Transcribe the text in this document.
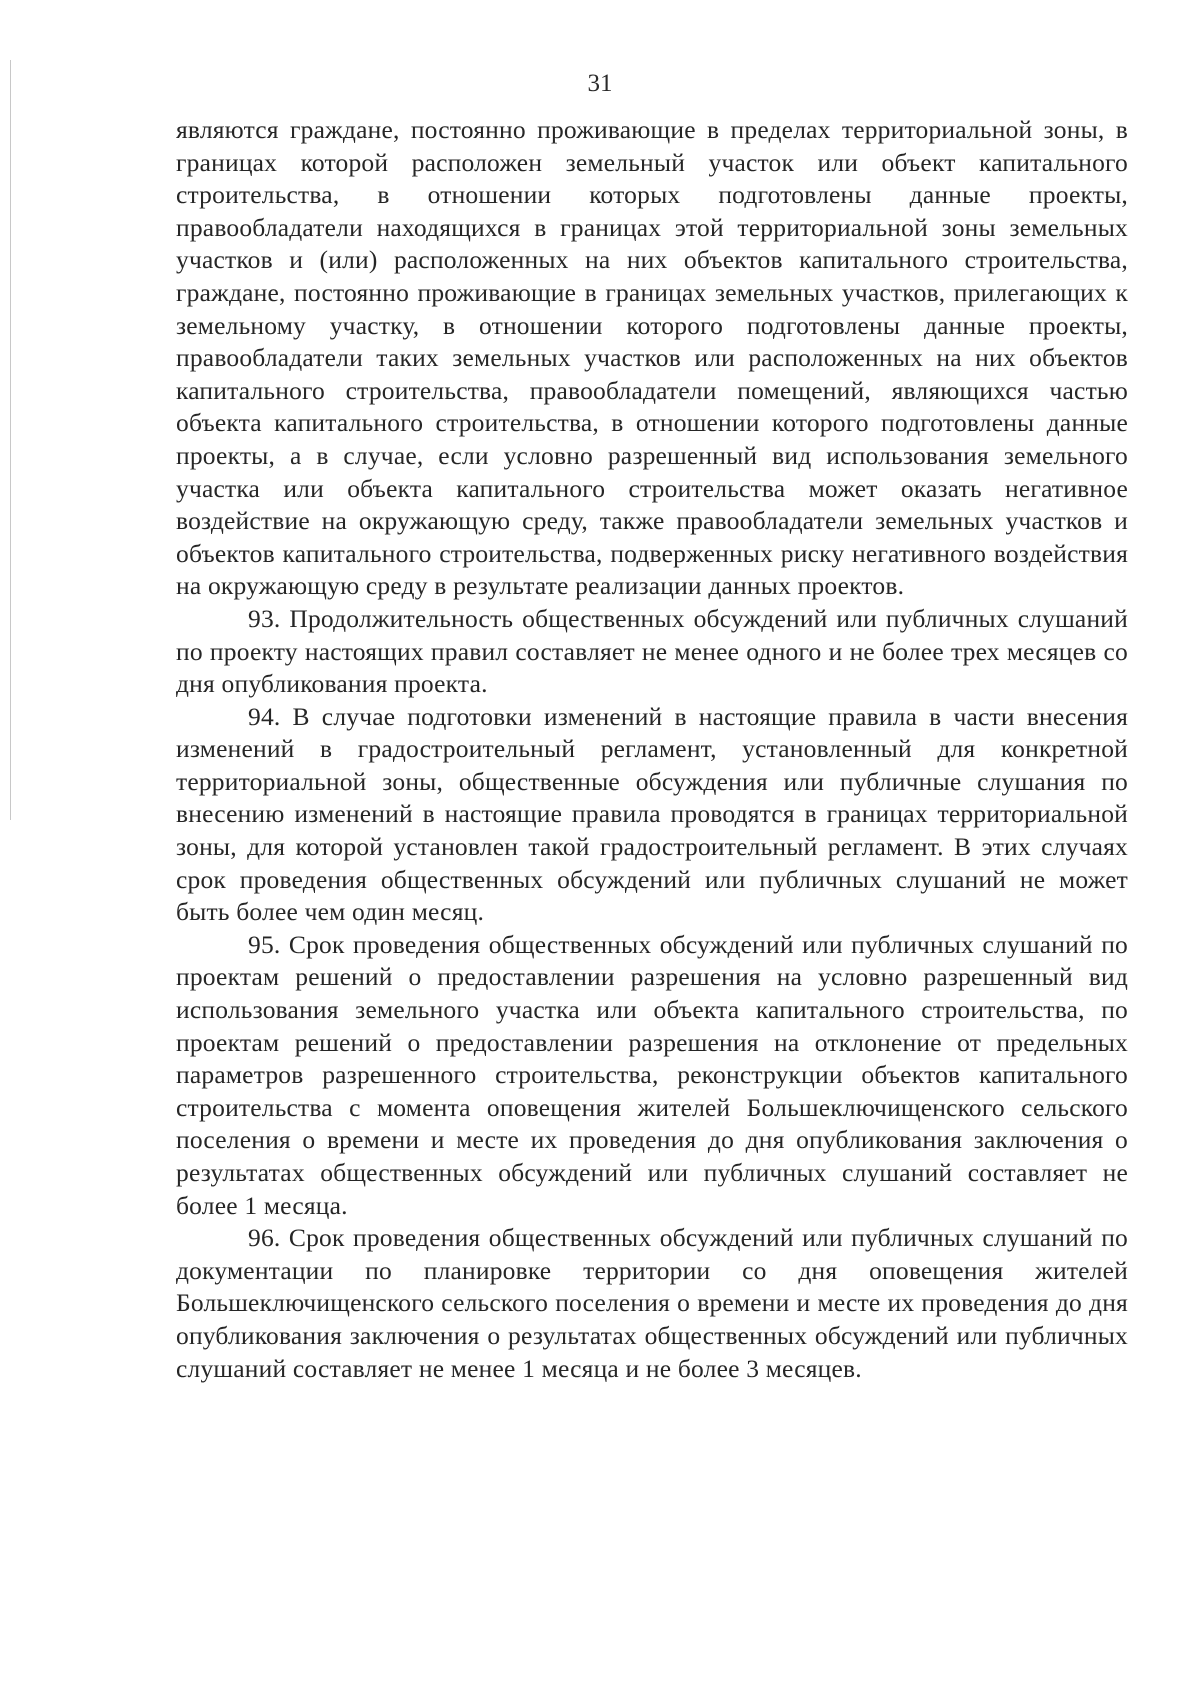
31

являются граждане, постоянно проживающие в пределах территориальной зоны, в границах которой расположен земельный участок или объект капитального строительства, в отношении которых подготовлены данные проекты, правообладатели находящихся в границах этой территориальной зоны земельных участков и (или) расположенных на них объектов капитального строительства, граждане, постоянно проживающие в границах земельных участков, прилегающих к земельному участку, в отношении которого подготовлены данные проекты, правообладатели таких земельных участков или расположенных на них объектов капитального строительства, правообладатели помещений, являющихся частью объекта капитального строительства, в отношении которого подготовлены данные проекты, а в случае, если условно разрешенный вид использования земельного участка или объекта капитального строительства может оказать негативное воздействие на окружающую среду, также правообладатели земельных участков и объектов капитального строительства, подверженных риску негативного воздействия на окружающую среду в результате реализации данных проектов.

93. Продолжительность общественных обсуждений или публичных слушаний по проекту настоящих правил составляет не менее одного и не более трех месяцев со дня опубликования проекта.

94. В случае подготовки изменений в настоящие правила в части внесения изменений в градостроительный регламент, установленный для конкретной территориальной зоны, общественные обсуждения или публичные слушания по внесению изменений в настоящие правила проводятся в границах территориальной зоны, для которой установлен такой градостроительный регламент. В этих случаях срок проведения общественных обсуждений или публичных слушаний не может быть более чем один месяц.

95. Срок проведения общественных обсуждений или публичных слушаний по проектам решений о предоставлении разрешения на условно разрешенный вид использования земельного участка или объекта капитального строительства, по проектам решений о предоставлении разрешения на отклонение от предельных параметров разрешенного строительства, реконструкции объектов капитального строительства с момента оповещения жителей Большеключищенского сельского поселения о времени и месте их проведения до дня опубликования заключения о результатах общественных обсуждений или публичных слушаний составляет не более 1 месяца.

96. Срок проведения общественных обсуждений или публичных слушаний по документации по планировке территории со дня оповещения жителей Большеключищенского сельского поселения о времени и месте их проведения до дня опубликования заключения о результатах общественных обсуждений или публичных слушаний составляет не менее 1 месяца и не более 3 месяцев.
